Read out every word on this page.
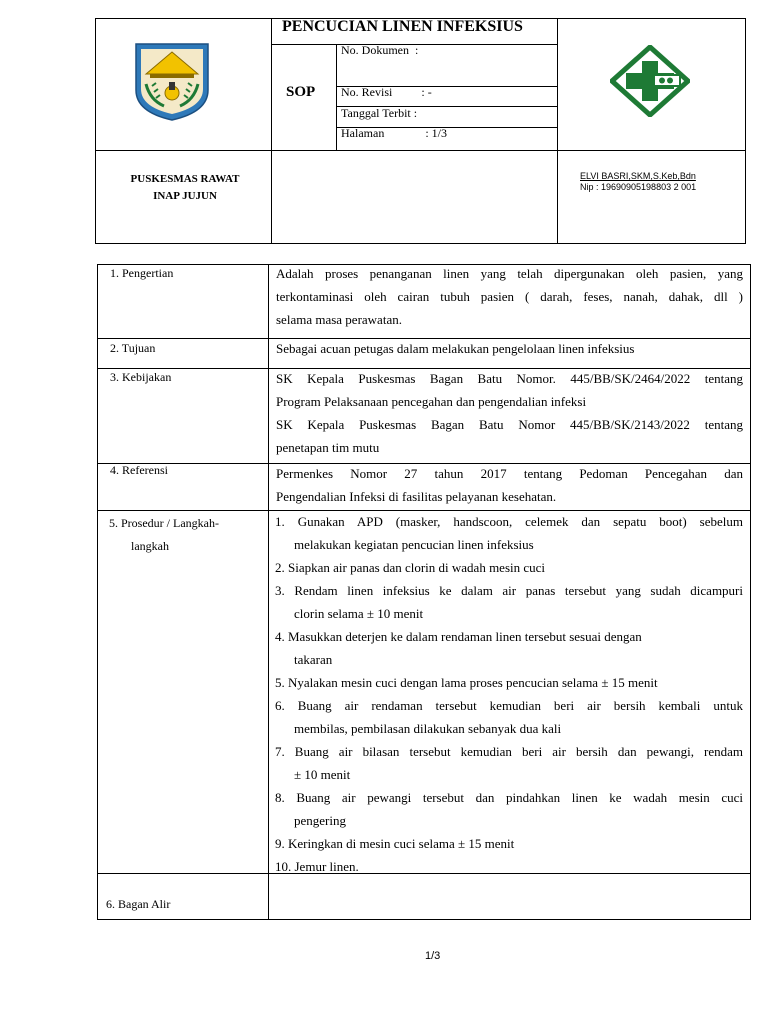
PENCUCIAN LINEN INFEKSIUS
SOP
No. Dokumen :
No. Revisi : -
Tanggal Terbit :
Halaman	: 1/3
PUSKESMAS RAWAT
INAP JUJUN
ELVI BASRI,SKM,S.Keb,Bdn
Nip : 19690905198803 2 001
1. Pengertian	Adalah proses penanganan linen yang telah dipergunakan oleh pasien, yang
terkontaminasi oleh cairan tubuh pasien ( darah, feses, nanah, dahak, dll )
selama masa perawatan.
2. Tujuan	Sebagai acuan petugas dalam melakukan pengelolaan linen infeksius
3. Kebijakan	SK Kepala Puskesmas Bagan Batu Nomor. 445/BB/SK/2464/2022 tentang
Program Pelaksanaan pencegahan dan pengendalian infeksi
SK Kepala Puskesmas Bagan Batu Nomor 445/BB/SK/2143/2022 tentang
penetapan tim mutu
4. Referensi	Permenkes Nomor 27 tahun 2017 tentang Pedoman Pencegahan dan
Pengendalian Infeksi di fasilitas pelayanan kesehatan.
5. Prosedur / Langkah-
langkah
1. Gunakan APD (masker, handscoon, celemek dan sepatu boot) sebelum
melakukan kegiatan pencucian linen infeksius
2. Siapkan air panas dan clorin di wadah mesin cuci
3. Rendam linen infeksius ke dalam air panas tersebut yang sudah dicampuri
clorin selama ± 10 menit
4. Masukkan deterjen ke dalam rendaman linen tersebut sesuai dengan
takaran
5. Nyalakan mesin cuci dengan lama proses pencucian selama ± 15 menit
6. Buang air rendaman tersebut kemudian beri air bersih kembali untuk
membilas, pembilasan dilakukan sebanyak dua kali
7. Buang air bilasan tersebut kemudian beri air bersih dan pewangi, rendam
± 10 menit
8. Buang air pewangi tersebut dan pindahkan linen ke wadah mesin cuci
pengering
9. Keringkan di mesin cuci selama ± 15 menit
10. Jemur linen.
6. Bagan Alir
1/3
